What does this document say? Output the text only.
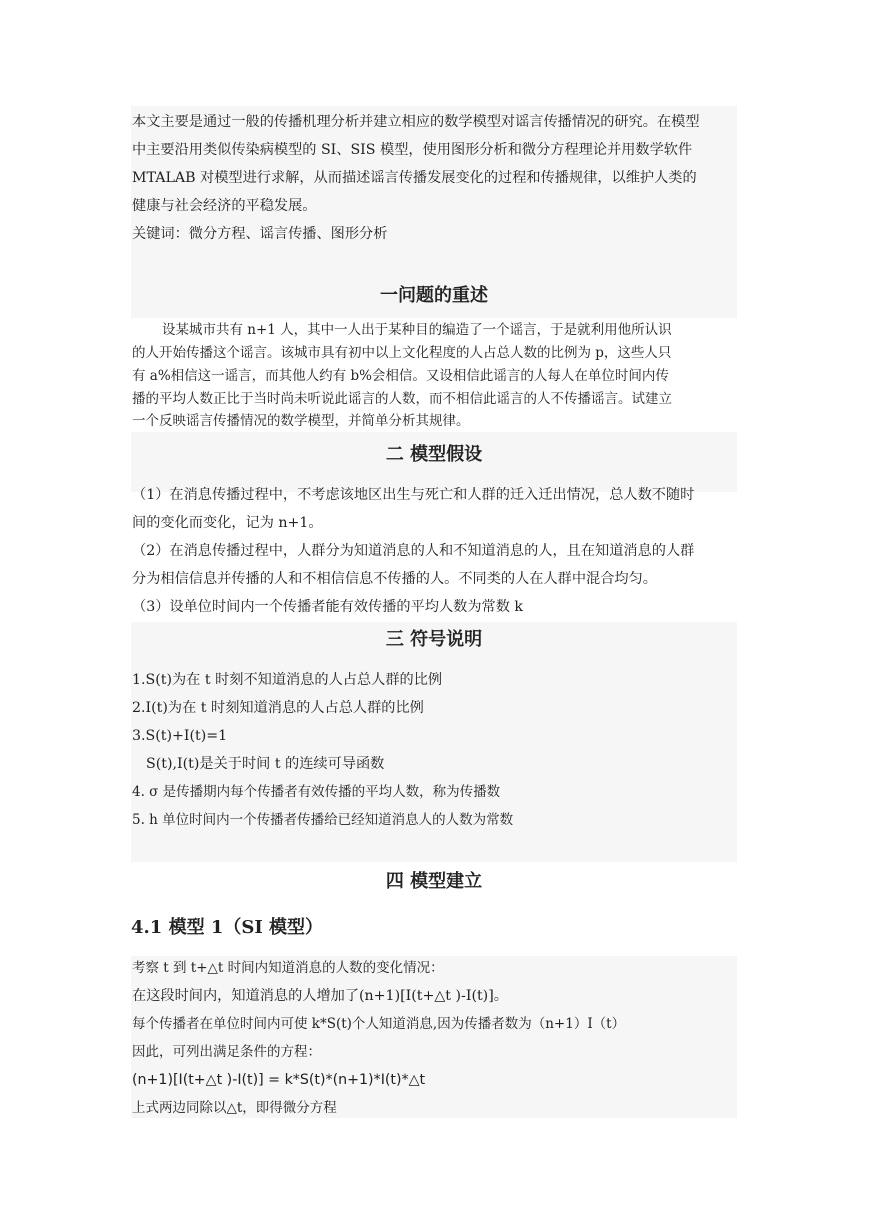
本文主要是通过一般的传播机理分析并建立相应的数学模型对谣言传播情况的研究。在模型
中主要沿用类似传染病模型的 SI、SIS 模型，使用图形分析和微分方程理论并用数学软件
MTALAB 对模型进行求解，从而描述谣言传播发展变化的过程和传播规律，以维护人类的
健康与社会经济的平稳发展。
关键词：微分方程、谣言传播、图形分析
一问题的重述
设某城市共有 n+1 人，其中一人出于某种目的编造了一个谣言，于是就利用他所认识
的人开始传播这个谣言。该城市具有初中以上文化程度的人占总人数的比例为 p，这些人只
有 a%相信这一谣言，而其他人约有 b%会相信。又设相信此谣言的人每人在单位时间内传
播的平均人数正比于当时尚未听说此谣言的人数，而不相信此谣言的人不传播谣言。试建立
一个反映谣言传播情况的数学模型，并简单分析其规律。
二 模型假设
（1）在消息传播过程中，不考虑该地区出生与死亡和人群的迁入迁出情况，总人数不随时
间的变化而变化，记为 n+1。
（2）在消息传播过程中，人群分为知道消息的人和不知道消息的人，且在知道消息的人群
分为相信信息并传播的人和不相信信息不传播的人。不同类的人在人群中混合均匀。
（3）设单位时间内一个传播者能有效传播的平均人数为常数 k
三 符号说明
1.S(t)为在 t 时刻不知道消息的人占总人群的比例
2.I(t)为在 t 时刻知道消息的人占总人群的比例
3.S(t)+I(t)=1
S(t),I(t)是关于时间 t 的连续可导函数
4. σ 是传播期内每个传播者有效传播的平均人数，称为传播数
5. h 单位时间内一个传播者传播给已经知道消息人的人数为常数
四 模型建立
4.1 模型 1（SI 模型）
考察 t 到 t+△t 时间内知道消息的人数的变化情况：
在这段时间内，知道消息的人增加了(n+1)[I(t+△t )-I(t)]。
每个传播者在单位时间内可使 k*S(t)个人知道消息,因为传播者数为（n+1）I（t）
因此，可列出满足条件的方程：
(n+1)[I(t+△t )-I(t)] = k*S(t)*(n+1)*I(t)*△t
上式两边同除以△t，即得微分方程
